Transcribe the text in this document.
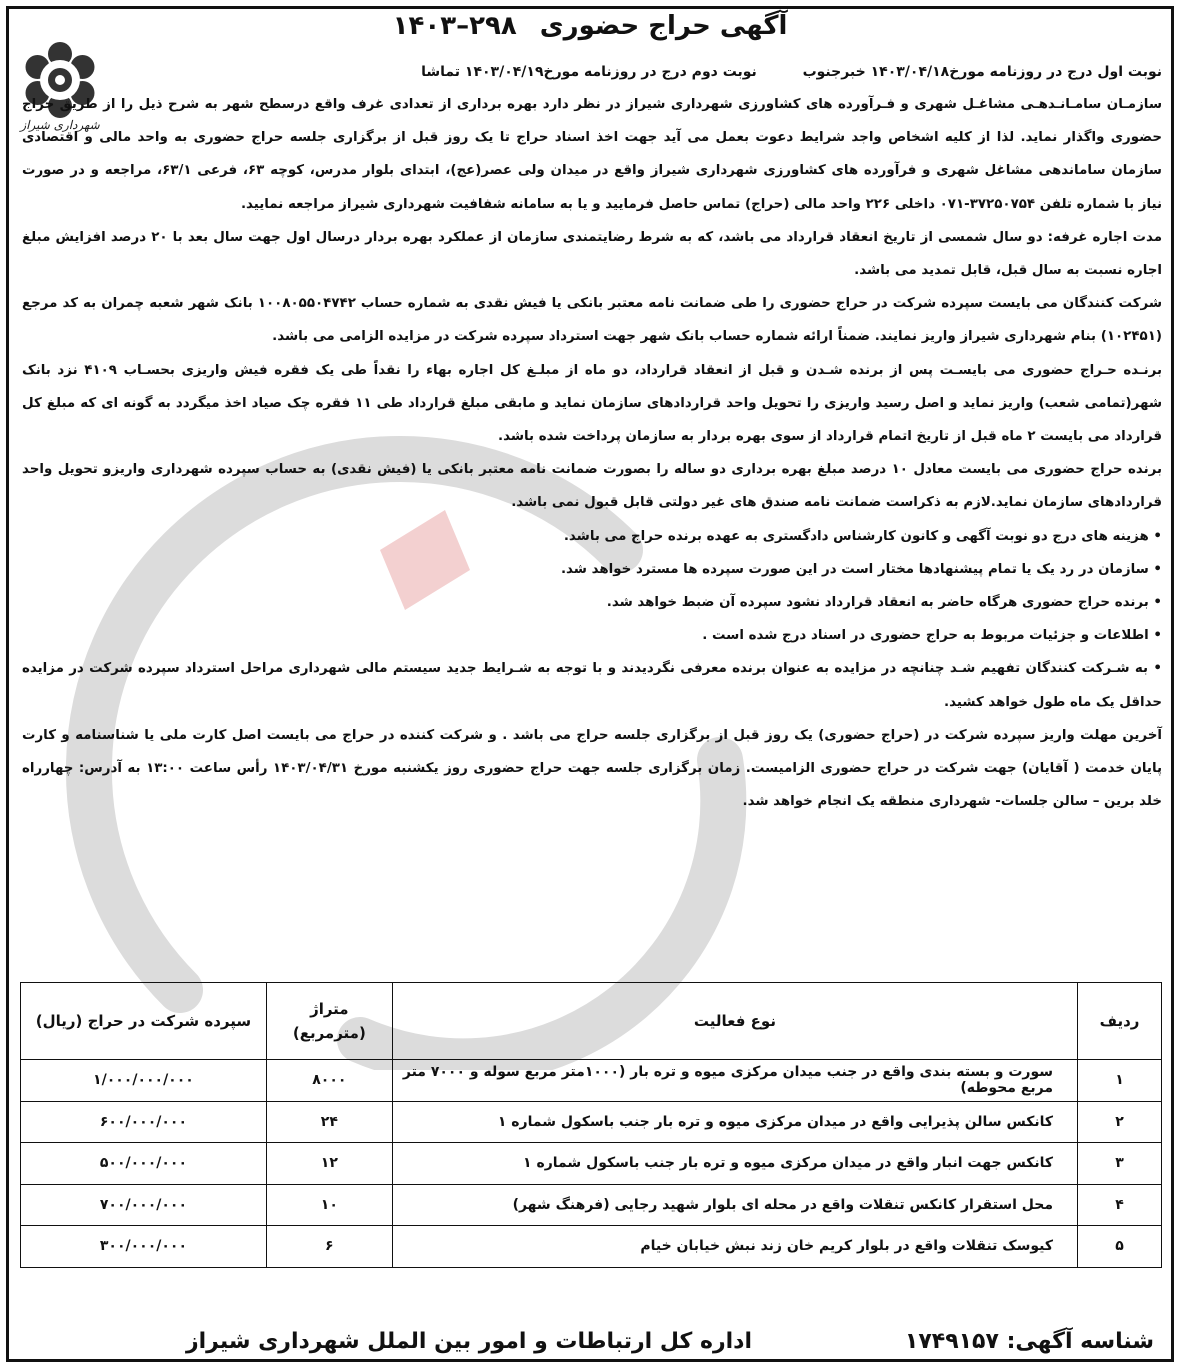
شهرداری شیراز
آگهی حراج حضوری ۲۹۸–۱۴۰۳
نوبت اول درج در روزنامه مورخ۱۴۰۳/۰۴/۱۸ خبرجنوب  نوبت دوم درج در روزنامه مورخ۱۴۰۳/۰۴/۱۹ تماشا

سازمـان سامـانـدهـی مشاغـل شهری و فـرآورده های کشاورزی شهرداری شیراز در نظر دارد بهره برداری از تعدادی غرف واقع درسطح شهر به شرح ذیل را از طریق حراج حضوری واگذار نماید. لذا از کلیه اشخاص واجد شرایط دعوت بعمل می آید جهت اخذ اسناد حراج تا یک روز قبل از برگزاری جلسه حراج حضوری به واحد مالی و اقتصادی سازمان ساماندهی مشاغل شهری و فرآورده های کشاورزی شهرداری شیراز واقع در میدان ولی عصر(عج)، ابتدای بلوار مدرس، کوچه ۶۳، فرعی ۶۳/۱، مراجعه و در صورت نیاز با شماره تلفن ۳۷۲۵۰۷۵۴-۰۷۱ داخلی ۲۲۶ واحد مالی (حراج) تماس حاصل فرمایید و یا به سامانه شفافیت شهرداری شیراز مراجعه نمایید.

مدت اجاره غرفه: دو سال شمسی از تاریخ انعقاد قرارداد می باشد، که به شرط رضایتمندی سازمان از عملکرد بهره بردار درسال اول جهت سال بعد با ۲۰ درصد افزایش مبلغ اجاره نسبت به سال قبل، قابل تمدید می باشد.

شرکت کنندگان می بایست سپرده شرکت در حراج حضوری را طی ضمانت نامه معتبر بانکی یا فیش نقدی به شماره حساب ۱۰۰۸۰۵۵۰۴۷۴۲ بانک شهر شعبه چمران به کد مرجع (۱۰۲۴۵۱) بنام شهرداری شیراز واریز نمایند. ضمناً ارائه شماره حساب بانک شهر جهت استرداد سپرده شرکت در مزایده الزامی می باشد.

برنـده حـراج حضوری می بایسـت پس از برنده شـدن و قبل از انعقاد قرارداد، دو ماه از مبلـغ کل اجاره بهاء را نقداً طی یک فقره فیش واریزی بحسـاب ۴۱۰۹ نزد بانک شهر(تمامی شعب) واریز نماید و اصل رسید واریزی را تحویل واحد قراردادهای سازمان نماید و مابقی مبلغ قرارداد طی ۱۱ فقره چک صیاد اخذ میگردد به گونه ای که مبلغ کل قرارداد می بایست ۲ ماه قبل از تاریخ اتمام قرارداد از سوی بهره بردار به سازمان پرداخت شده باشد.

برنده حراج حضوری می بایست معادل ۱۰ درصد مبلغ بهره برداری دو ساله را بصورت ضمانت نامه معتبر بانکی یا (فیش نقدی) به حساب سپرده شهرداری واریزو تحویل واحد قراردادهای سازمان نماید.لازم به ذکراست ضمانت نامه صندق های غیر دولتی قابل قبول نمی باشد.

• هزینه های درج دو نوبت آگهی و کانون کارشناس دادگستری به عهده برنده حراج می باشد.

• سازمان در رد یک یا تمام پیشنهادها مختار است در این صورت سپرده ها مسترد خواهد شد.

• برنده حراج حضوری هرگاه حاضر به انعقاد قرارداد نشود سپرده آن ضبط خواهد شد.

• اطلاعات و جزئیات مربوط به حراج حضوری در اسناد درج شده است .

• به شـرکت کنندگان تفهیم شـد چنانچه در مزایده به عنوان برنده معرفی نگردیدند و با توجه به شـرایط جدید سیستم مالی شهرداری مراحل استرداد سپرده شرکت در مزایده حداقل یک ماه طول خواهد کشید.

آخرین مهلت واریز سپرده شرکت در (حراج حضوری) یک روز قبل از برگزاری جلسه حراج می باشد . و شرکت کننده در حراج می بایست اصل کارت ملی یا شناسنامه و کارت پایان خدمت ( آقایان) جهت شرکت در حراج حضوری الزامیست. زمان برگزاری جلسه جهت حراج حضوری روز یکشنبه مورخ ۱۴۰۳/۰۴/۳۱ رأس ساعت ۱۳:۰۰ به آدرس: چهارراه خلد برین – سالن جلسات- شهرداری منطقه یک انجام خواهد شد.

ردیف	نوع فعالیت	متراژ (مترمربع)	سپرده شرکت در حراج (ریال)
۱	سورت و بسته بندی واقع در جنب میدان مرکزی میوه و تره بار (۱۰۰۰متر مربع سوله و ۷۰۰۰ متر مربع محوطه)	۸۰۰۰	۱/۰۰۰/۰۰۰/۰۰۰
۲	کانکس سالن پذیرایی واقع در میدان مرکزی میوه و تره بار جنب باسکول شماره ۱	۲۴	۶۰۰/۰۰۰/۰۰۰
۳	کانکس جهت انبار واقع در میدان مرکزی میوه و تره بار جنب باسکول شماره ۱	۱۲	۵۰۰/۰۰۰/۰۰۰
۴	محل استقرار کانکس تنقلات واقع در محله ای بلوار شهید رجایی (فرهنگ شهر)	۱۰	۷۰۰/۰۰۰/۰۰۰
۵	کیوسک تنقلات واقع در بلوار کریم خان زند نبش خیابان خیام	۶	۳۰۰/۰۰۰/۰۰۰
شناسه آگهی: ۱۷۴۹۱۵۷
اداره کل ارتباطات و امور بین الملل شهرداری شیراز
